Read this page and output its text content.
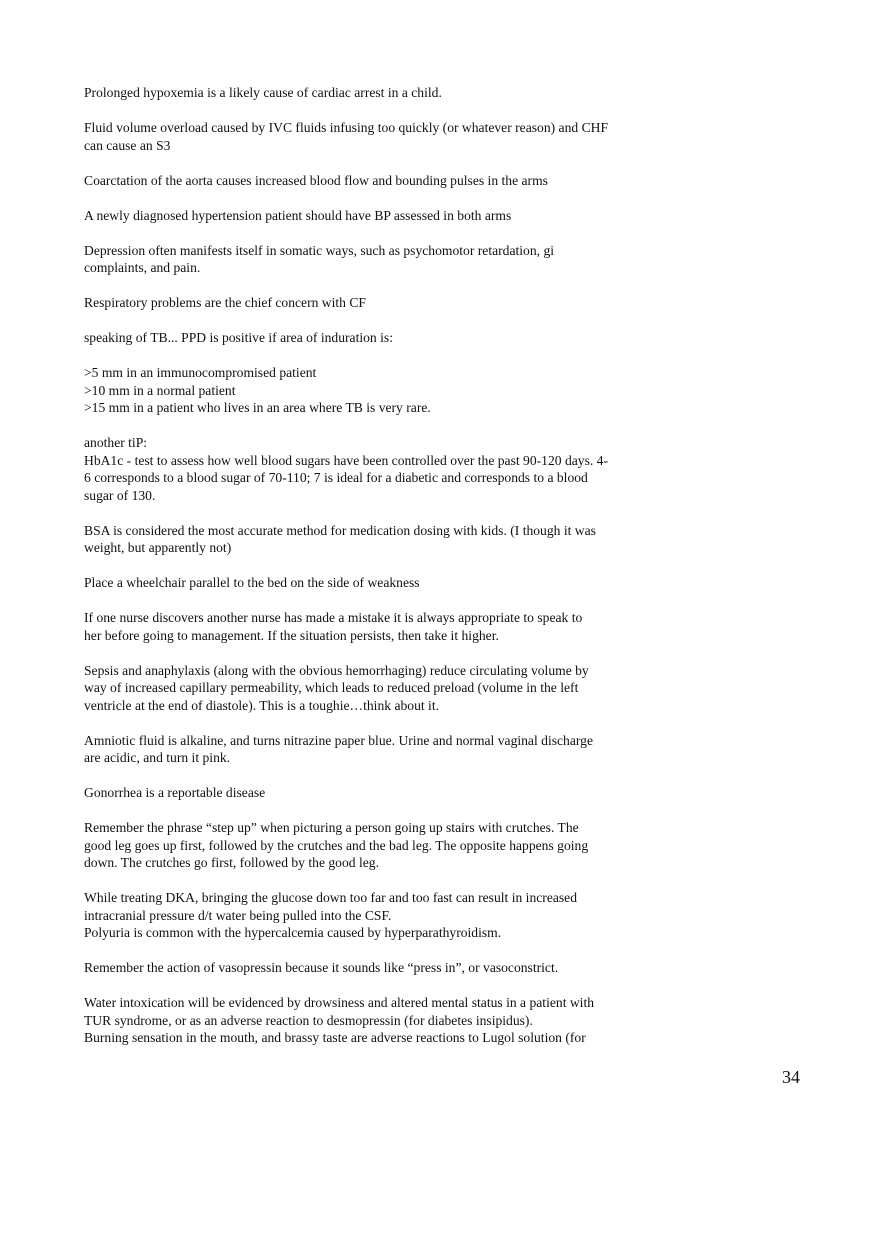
Prolonged hypoxemia is a likely cause of cardiac arrest in a child.
Fluid volume overload caused by IVC fluids infusing too quickly (or whatever reason) and CHF
can cause an S3
Coarctation of the aorta causes increased blood flow and bounding pulses in the arms
A newly diagnosed hypertension patient should have BP assessed in both arms
Depression often manifests itself in somatic ways, such as psychomotor retardation, gi
complaints, and pain.
Respiratory problems are the chief concern with CF
speaking of TB... PPD is positive if area of induration is:
>5 mm in an immunocompromised patient
>10 mm in a normal patient
>15 mm in a patient who lives in an area where TB is very rare.
another tiP:
HbA1c - test to assess how well blood sugars have been controlled over the past 90-120 days. 4-
6 corresponds to a blood sugar of 70-110; 7 is ideal for a diabetic and corresponds to a blood
sugar of 130.
BSA is considered the most accurate method for medication dosing with kids. (I though it was
weight, but apparently not)
Place a wheelchair parallel to the bed on the side of weakness
If one nurse discovers another nurse has made a mistake it is always appropriate to speak to
her before going to management. If the situation persists, then take it higher.
Sepsis and anaphylaxis (along with the obvious hemorrhaging) reduce circulating volume by
way of increased capillary permeability, which leads to reduced preload (volume in the left
ventricle at the end of diastole). This is a toughie…think about it.
Amniotic fluid is alkaline, and turns nitrazine paper blue. Urine and normal vaginal discharge
are acidic, and turn it pink.
Gonorrhea is a reportable disease
Remember the phrase “step up” when picturing a person going up stairs with crutches. The
good leg goes up first, followed by the crutches and the bad leg. The opposite happens going
down. The crutches go first, followed by the good leg.
While treating DKA, bringing the glucose down too far and too fast can result in increased
intracranial pressure d/t water being pulled into the CSF.
Polyuria is common with the hypercalcemia caused by hyperparathyroidism.
Remember the action of vasopressin because it sounds like “press in”, or vasoconstrict.
Water intoxication will be evidenced by drowsiness and altered mental status in a patient with
TUR syndrome, or as an adverse reaction to desmopressin (for diabetes insipidus).
Burning sensation in the mouth, and brassy taste are adverse reactions to Lugol solution (for
34
